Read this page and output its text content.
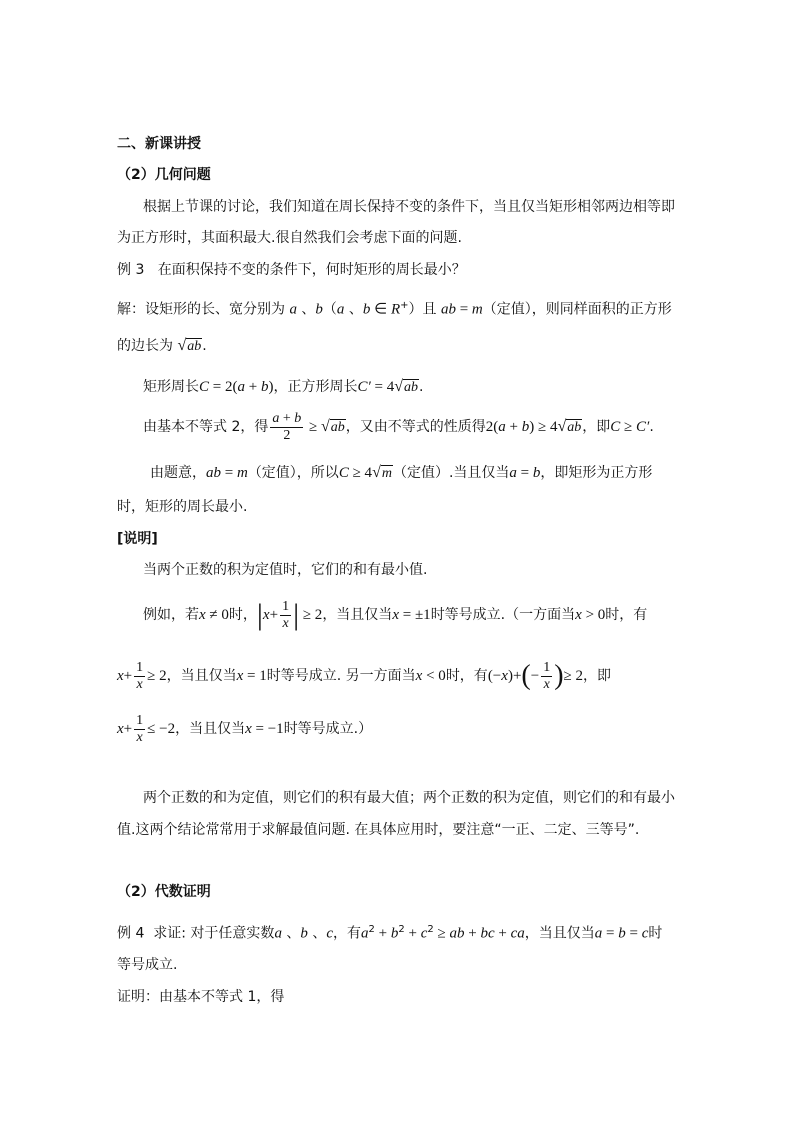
二、新课讲授
（2）几何问题
根据上节课的讨论，我们知道在周长保持不变的条件下，当且仅当矩形相邻两边相等即
为正方形时，其面积最大.很自然我们会考虑下面的问题.
例 3 在面积保持不变的条件下，何时矩形的周长最小？
解：设矩形的长、宽分别为 a 、b（a 、b ∈ R+）且 ab = m（定值），则同样面积的正方形
的边长为 √ab.
矩形周长C = 2(a + b)，正方形周长C′ = 4√ab.
由基本不等式 2，得 $\frac{a + b}{2} \ge √ab$，又由不等式的性质得2(a + b) ≥ 4√ab，即C ≥ C′.
由题意，ab = m（定值），所以C ≥ 4√m（定值）.当且仅当a = b，即矩形为正方形
时，矩形的周长最小.
[说明]
当两个正数的积为定值时，它们的和有最小值.
例如，若x ≠ 0时，$|x+ \frac{1}{x}$ | ≥ 2，当且仅当x = ±1时等号成立.（一方面当x > 0时，有
$x+ \frac{1}{x} \ge 2$，当且仅当x = 1时等号成立. 另一方面当x < 0时，有$(-x)+(- \frac{1}{x}$ )≥ 2，即
$x+ \frac{1}{x} \le -2$，当且仅当x = −1时等号成立.）
两个正数的和为定值，则它们的积有最大值；两个正数的积为定值，则它们的和有最小
值.这两个结论常常用于求解最值问题. 在具体应用时，要注意“一正、二定、三等号”.
（2）代数证明
例 4 求证: 对于任意实数a 、b 、c，有$a^2 + b^2 + c^2$ ≥ ab + bc + ca，当且仅当a = b = c时
等号成立.
证明：由基本不等式 1，得
